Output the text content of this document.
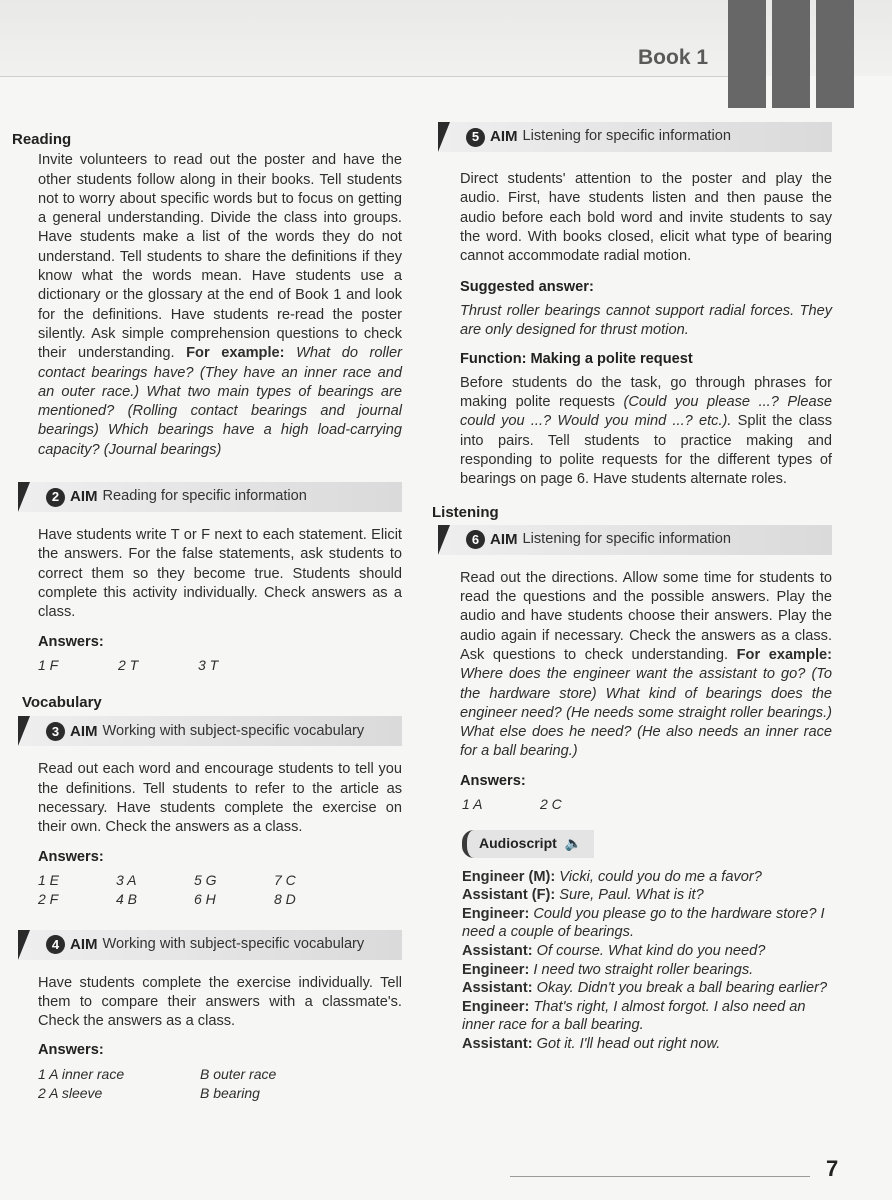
Book 1
Reading

Invite volunteers to read out the poster and have the other students follow along in their books. Tell students not to worry about specific words but to focus on getting a general understanding. Divide the class into groups. Have students make a list of the words they do not understand. Tell students to share the definitions if they know what the words mean. Have students use a dictionary or the glossary at the end of Book 1 and look for the definitions. Have students re-read the poster silently. Ask simple comprehension questions to check their understanding. For example: What do roller contact bearings have? (They have an inner race and an outer race.) What two main types of bearings are mentioned? (Rolling contact bearings and journal bearings) Which bearings have a high load-carrying capacity? (Journal bearings)

2 AIM Reading for specific information

Have students write T or F next to each statement. Elicit the answers. For the false statements, ask students to correct them so they become true. Students should complete this activity individually. Check answers as a class.

Answers:
1 F	2 T	3 T
Vocabulary
3 AIM Working with subject-specific vocabulary

Read out each word and encourage students to tell you the definitions. Tell students to refer to the article as necessary. Have students complete the exercise on their own. Check the answers as a class.

Answers:
1 E	3 A	5 G	7 C
2 F	4 B	6 H	8 D
4 AIM Working with subject-specific vocabulary

Have students complete the exercise individually. Tell them to compare their answers with a classmate's. Check the answers as a class.

Answers:
1 A inner race	B outer race
2 A sleeve	B bearing
5 AIM Listening for specific information

Direct students' attention to the poster and play the audio. First, have students listen and then pause the audio before each bold word and invite students to say the word. With books closed, elicit what type of bearing cannot accommodate radial motion.

Suggested answer:

Thrust roller bearings cannot support radial forces. They are only designed for thrust motion.

Function: Making a polite request

Before students do the task, go through phrases for making polite requests (Could you please ...? Please could you ...? Would you mind ...? etc.). Split the class into pairs. Tell students to practice making and responding to polite requests for the different types of bearings on page 6. Have students alternate roles.

Listening
6 AIM Listening for specific information

Read out the directions. Allow some time for students to read the questions and the possible answers. Play the audio and have students choose their answers. Play the audio again if necessary. Check the answers as a class. Ask questions to check understanding. For example: Where does the engineer want the assistant to go? (To the hardware store) What kind of bearings does the engineer need? (He needs some straight roller bearings.) What else does he need? (He also needs an inner race for a ball bearing.)

Answers:
1 A	2 C
Audioscript 🔈

Engineer (M): Vicki, could you do me a favor?

Assistant (F): Sure, Paul. What is it?

Engineer: Could you please go to the hardware store? I need a couple of bearings.

Assistant: Of course. What kind do you need?

Engineer: I need two straight roller bearings.

Assistant: Okay. Didn't you break a ball bearing earlier?

Engineer: That's right, I almost forgot. I also need an inner race for a ball bearing.

Assistant: Got it. I'll head out right now.

7
